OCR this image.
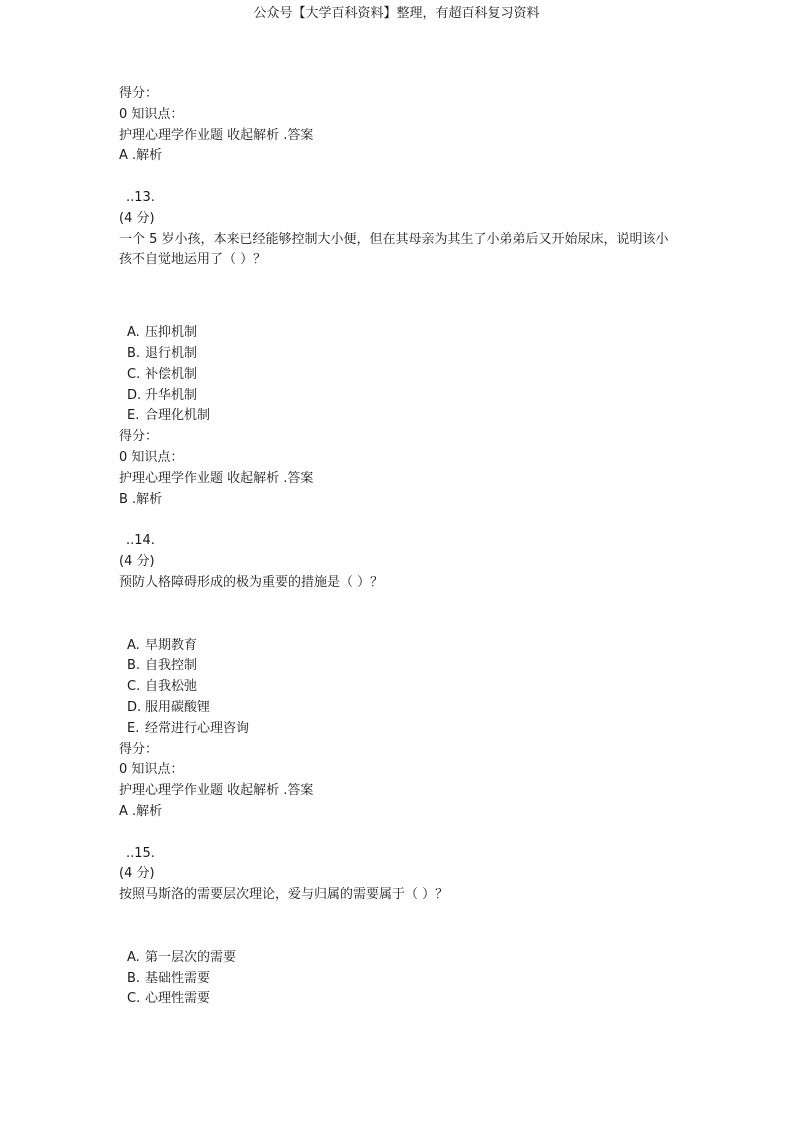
公众号【大学百科资料】整理，有超百科复习资料
得分：
0 知识点：
护理心理学作业题 收起解析 .答案
A .解析
..13.
(4 分)
一个 5 岁小孩，本来已经能够控制大小便，但在其母亲为其生了小弟弟后又开始尿床，说明该小孩不自觉地运用了（ ）？
A. 压抑机制
B. 退行机制
C. 补偿机制
D. 升华机制
E. 合理化机制
得分：
0 知识点：
护理心理学作业题 收起解析 .答案
B .解析
..14.
(4 分)
预防人格障碍形成的极为重要的措施是（ ）？
A. 早期教育
B. 自我控制
C. 自我松弛
D. 服用碳酸锂
E. 经常进行心理咨询
得分：
0 知识点：
护理心理学作业题 收起解析 .答案
A .解析
..15.
(4 分)
按照马斯洛的需要层次理论，爱与归属的需要属于（ ）？
A. 第一层次的需要
B. 基础性需要
C. 心理性需要
